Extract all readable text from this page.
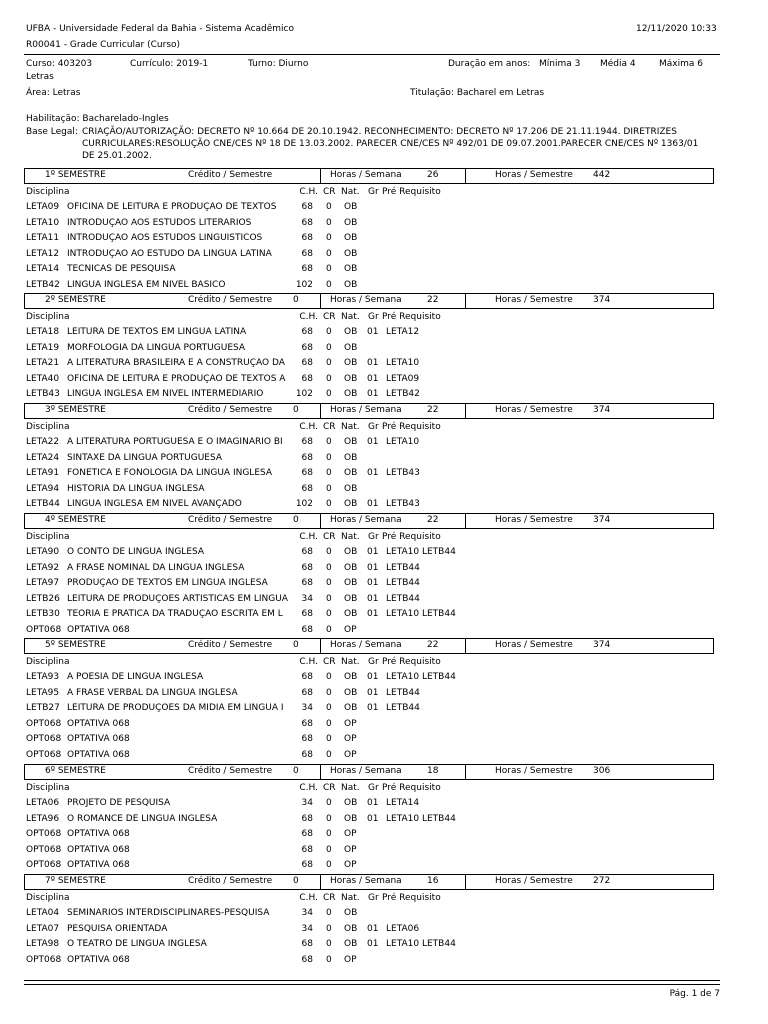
UFBA - Universidade Federal da Bahia - Sistema Acadêmico	12/11/2020 10:33
R00041 - Grade Curricular (Curso)
Curso: 403203	Currículo: 2019-1	Turno: Diurno	Duração em anos: Mínima 3 Média 4	Máxima 6
Letras
Área: Letras	Titulação: Bacharel em Letras
Habilitação: Bacharelado-Ingles
Base Legal: CRIAÇÃO/AUTORIZAÇÃO: DECRETO Nº 10.664 DE 20.10.1942. RECONHECIMENTO: DECRETO Nº 17.206 DE 21.11.1944. DIRETRIZES
CURRICULARES:RESOLUÇÃO CNE/CES Nº 18 DE 13.03.2002. PARECER CNE/CES Nº 492/01 DE 09.07.2001.PARECER CNE/CES Nº 1363/01
DE 25.01.2002.
1º SEMESTRE	Crédito / Semestre	Horas / Semana	26	Horas / Semestre 442
Disciplina	C.H. CR Nat. Gr Pré Requisito
LETA09 OFICINA DE LEITURA E PRODUÇÃO DE TEXTOS	68 0 OB
LETA10 INTRODUÇÃO AOS ESTUDOS LITERÁRIOS	68 0 OB
LETA11 INTRODUÇÃO AOS ESTUDOS LINGÜÍSTICOS	68 0 OB
LETA12 INTRODUÇÃO AO ESTUDO DA LINGUA LATINA	68 0 OB
LETA14 TÉCNICAS DE PESQUISA	68 0 OB
LETB42 LINGUA INGLESA EM NIVEL BÁSICO	102 0 OB
2º SEMESTRE	Crédito / Semestre 0	Horas / Semana	22	Horas / Semestre 374
Disciplina	C.H. CR Nat. Gr Pré Requisito
LETA18 LEITURA DE TEXTOS EM LINGUA LATINA	68 0 OB 01 LETA12
LETA19 MORFOLOGIA DA LINGUA PORTUGUESA	68 0 OB
LETA21 A LITERATURA BRASILEIRA E A CONSTRUÇÃO DA	68 0 OB 01 LETA10
LETA40 OFICINA DE LEITURA E PRODUÇÃO DE TEXTOS A	68 0 OB 01 LETA09
LETB43 LINGUA INGLESA EM NIVEL INTERMEDIÁRIO	102 0 OB 01 LETB42
3º SEMESTRE	Crédito / Semestre 0	Horas / Semana	22	Horas / Semestre 374
Disciplina	C.H. CR Nat. Gr Pré Requisito
LETA22 A LITERATURA PORTUGUESA E O IMAGINÁRIO BI	68 0 OB 01 LETA10
LETA24 SINTAXE DA LINGUA PORTUGUESA	68 0 OB
LETA91 FONÉTICA E FONOLOGIA DA LINGUA INGLESA	68 0 OB 01 LETB43
LETA94 HISTÓRIA DA LINGUA INGLESA	68 0 OB
LETB44 LINGUA INGLESA EM NIVEL AVANÇADO	102 0 OB 01 LETB43
4º SEMESTRE	Crédito / Semestre 0	Horas / Semana	22	Horas / Semestre 374
Disciplina	C.H. CR Nat. Gr Pré Requisito
LETA90 O CONTO DE LINGUA INGLESA	68 0 OB 01 LETA10 LETB44
LETA92 A FRASE NOMINAL DA LINGUA INGLESA	68 0 OB 01 LETB44
LETA97 PRODUÇÃO DE TEXTOS EM LINGUA INGLESA	68 0 OB 01 LETB44
LETB26 LEITURA DE PRODUÇÕES ARTISTICAS EM LINGUA	34 0 OB 01 LETB44
LETB30 TEORIA E PRÁTICA DA TRADUÇÃO ESCRITA EM L	68 0 OB 01 LETA10 LETB44
OPT068 OPTATIVA 068	68 0 OP
5º SEMESTRE	Crédito / Semestre 0	Horas / Semana	22	Horas / Semestre 374
Disciplina	C.H. CR Nat. Gr Pré Requisito
LETA93 A POESIA DE LINGUA INGLESA	68 0 OB 01 LETA10 LETB44
LETA95 A FRASE VERBAL DA LINGUA INGLESA	68 0 OB 01 LETB44
LETB27 LEITURA DE PRODUÇÕES DA MIDIA EM LINGUA I	34 0 OB 01 LETB44
OPT068 OPTATIVA 068	68 0 OP
OPT068 OPTATIVA 068	68 0 OP
OPT068 OPTATIVA 068	68 0 OP
6º SEMESTRE	Crédito / Semestre 0	Horas / Semana	18	Horas / Semestre 306
Disciplina	C.H. CR Nat. Gr Pré Requisito
LETA06 PROJETO DE PESQUISA	34 0 OB 01 LETA14
LETA96 O ROMANCE DE LINGUA INGLESA	68 0 OB 01 LETA10 LETB44
OPT068 OPTATIVA 068	68 0 OP
OPT068 OPTATIVA 068	68 0 OP
OPT068 OPTATIVA 068	68 0 OP
7º SEMESTRE	Crédito / Semestre 0	Horas / Semana	16	Horas / Semestre 272
Disciplina	C.H. CR Nat. Gr Pré Requisito
LETA04 SEMINÁRIOS INTERDISCIPLINARES-PESQUISA	34 0 OB
LETA07 PESQUISA ORIENTADA	34 0 OB 01 LETA06
LETA98 O TEATRO DE LINGUA INGLESA	68 0 OB 01 LETA10 LETB44
OPT068 OPTATIVA 068	68 0 OP
Pág. 1 de 7
